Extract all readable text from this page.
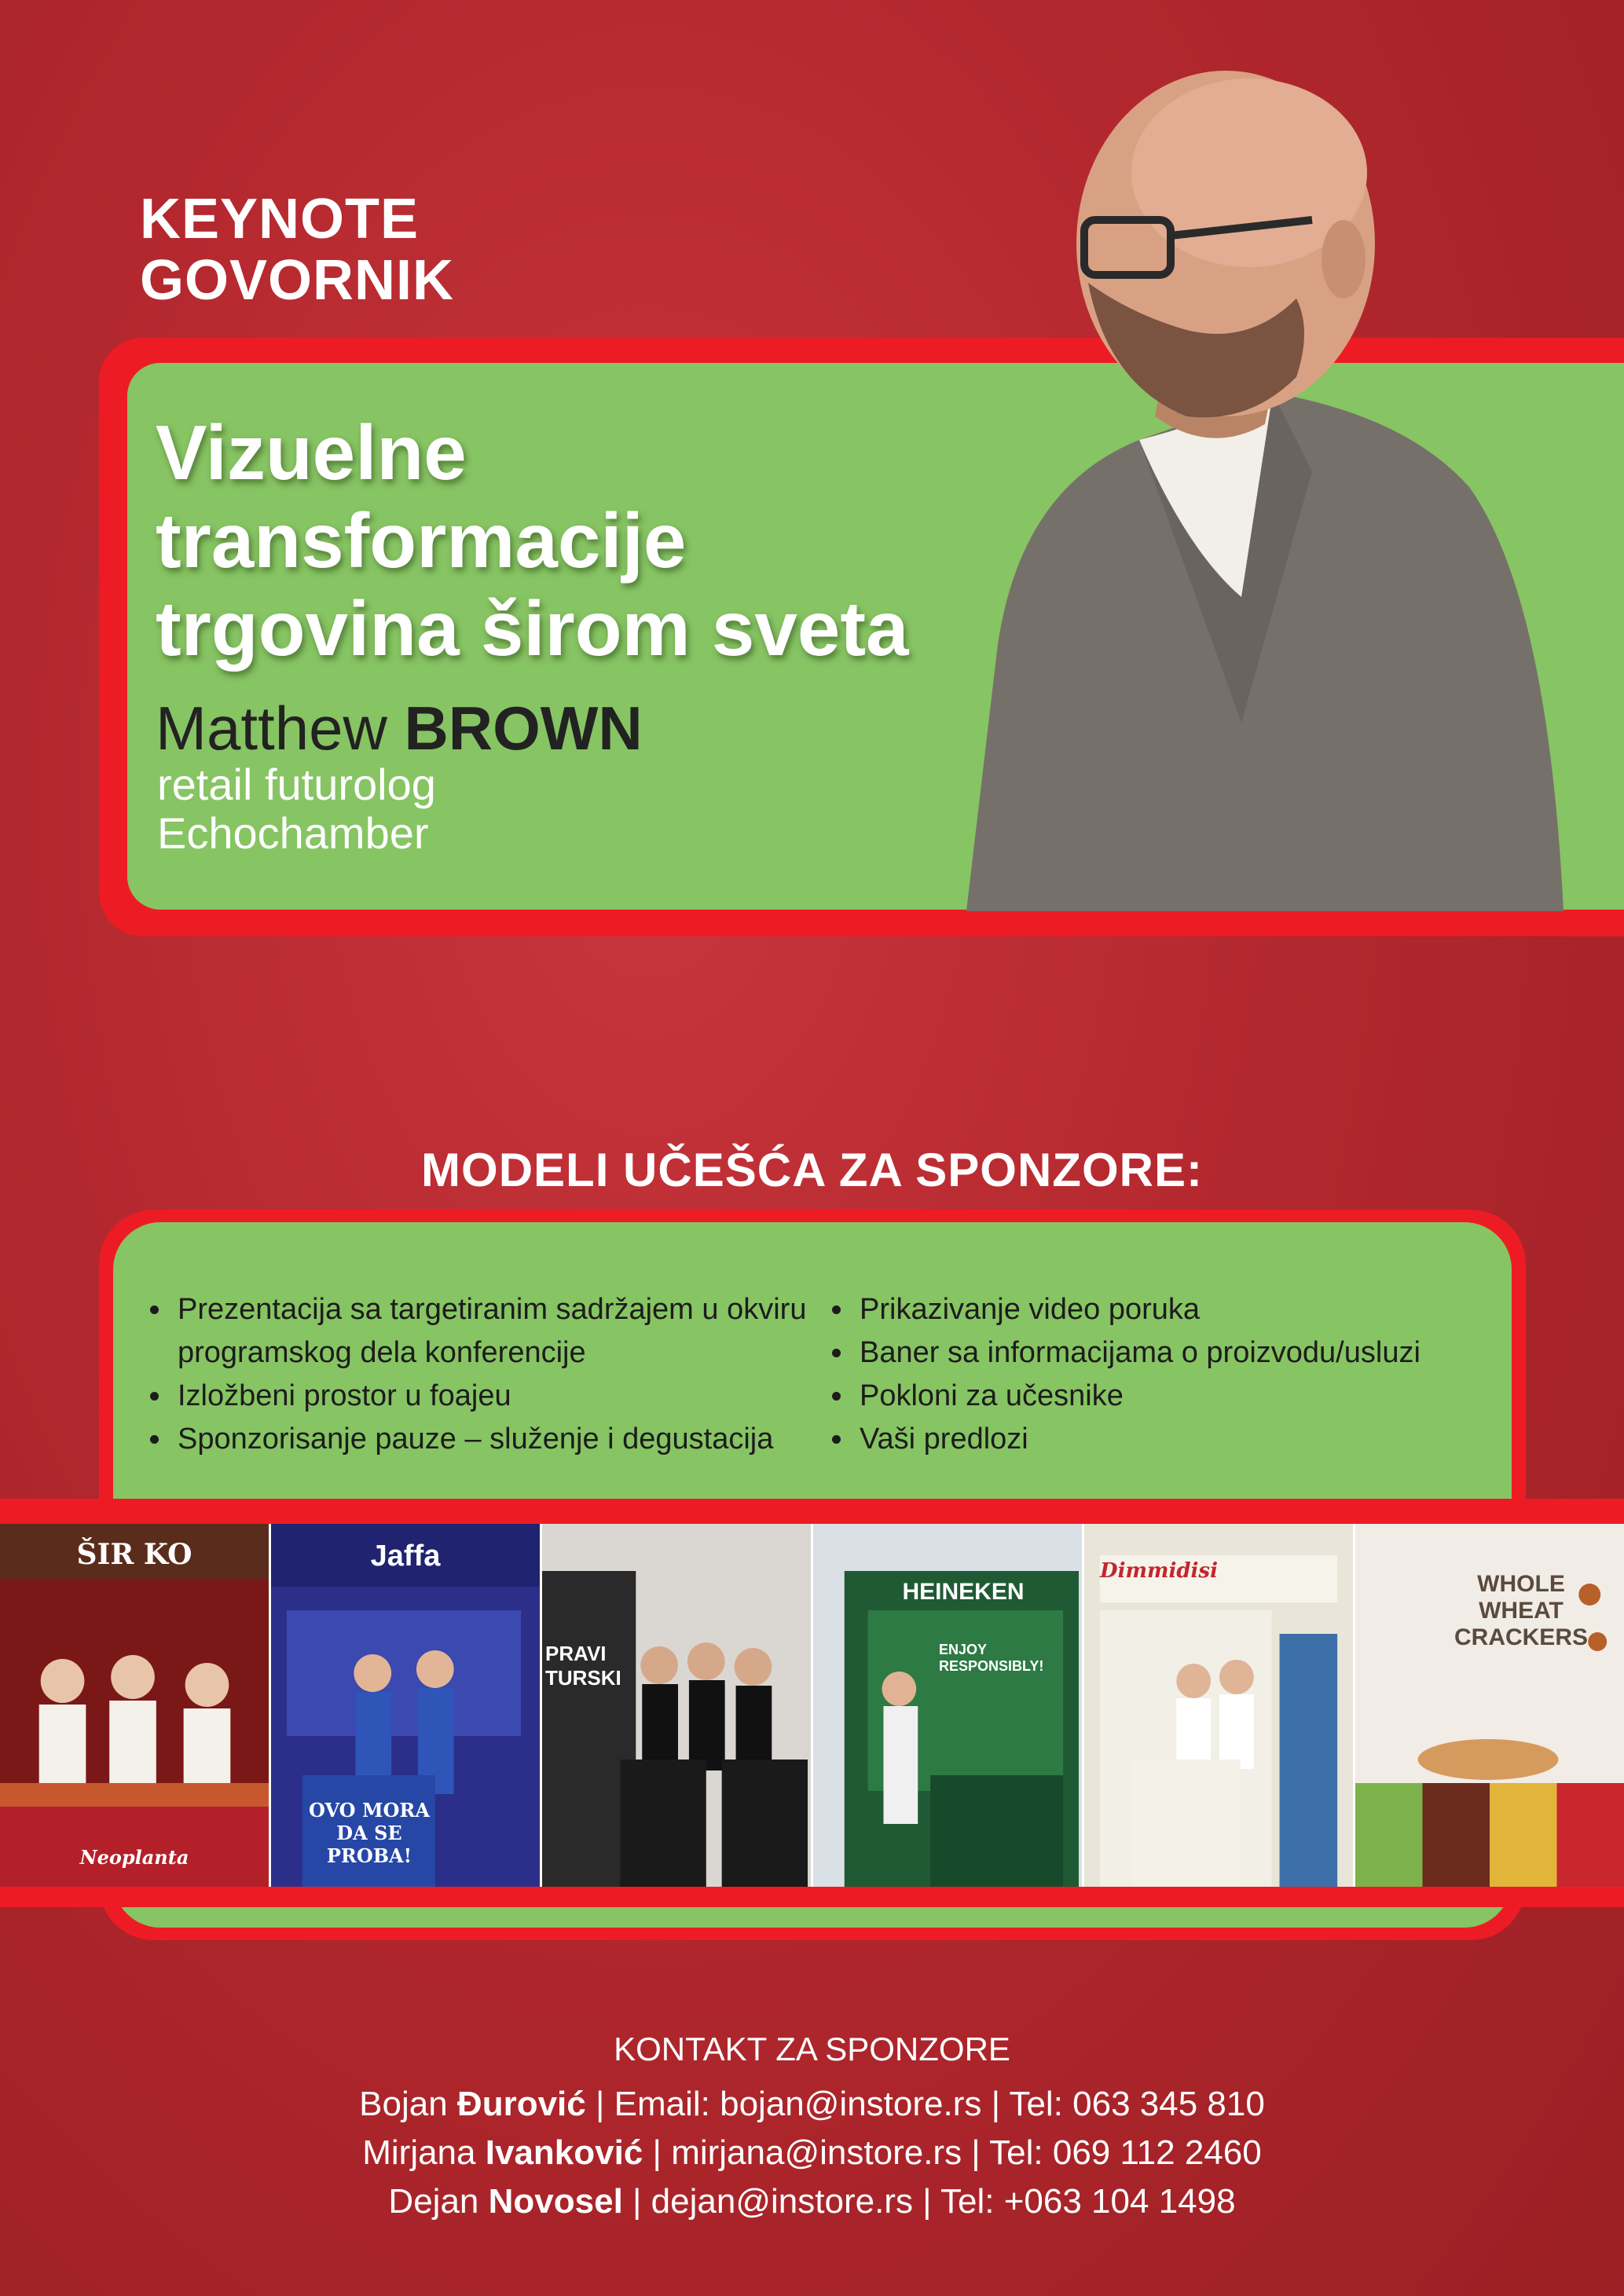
KEYNOTE
GOVORNIK
Vizuelne
transformacije
trgovina širom sveta
Matthew BROWN
retail futurolog
Echochamber
MODELI UČEŠĆA ZA SPONZORE:
• Prezentacija sa targetiranim sadržajem u okviru programskog dela konferencije
• Izložbeni prostor u foajeu
• Sponzorisanje pauze – služenje i degustacija
• Prikazivanje video poruka
• Baner sa informacijama o proizvodu/usluzi
• Pokloni za učesnike
• Vaši predlozi
ŠIR KO
Neoplanta
Jaffa
OVO MORA DA SE PROBA!
PRAVI TURSKI
HEINEKEN
ENJOY RESPONSIBLY!
Dimmidisi	WHOLE WHEAT CRACKERS
KONTAKT ZA SPONZORE
Bojan Đurović | Email: bojan@instore.rs | Tel: 063 345 810
Mirjana Ivanković | mirjana@instore.rs | Tel: 069 112 2460
Dejan Novosel | dejan@instore.rs | Tel: +063 104 1498
